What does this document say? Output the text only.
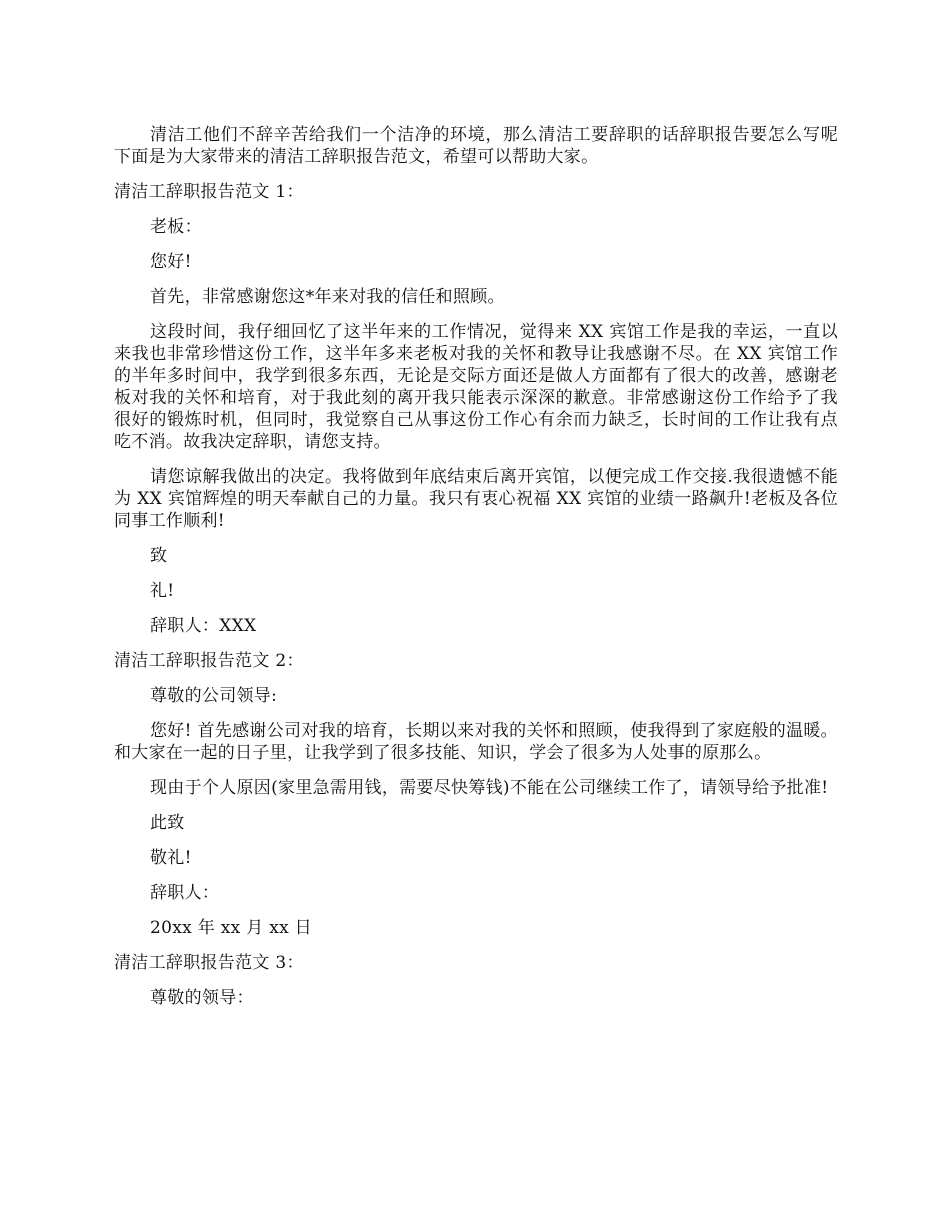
清洁工他们不辞辛苦给我们一个洁净的环境，那么清洁工要辞职的话辞职报告要怎么写呢下面是为大家带来的清洁工辞职报告范文，希望可以帮助大家。

清洁工辞职报告范文 1：

老板：

您好!

首先，非常感谢您这*年来对我的信任和照顾。

这段时间，我仔细回忆了这半年来的工作情况，觉得来 XX 宾馆工作是我的幸运，一直以来我也非常珍惜这份工作，这半年多来老板对我的关怀和教导让我感谢不尽。在 XX 宾馆工作的半年多时间中，我学到很多东西，无论是交际方面还是做人方面都有了很大的改善，感谢老板对我的关怀和培育，对于我此刻的离开我只能表示深深的歉意。非常感谢这份工作给予了我很好的锻炼时机，但同时，我觉察自己从事这份工作心有余而力缺乏，长时间的工作让我有点吃不消。故我决定辞职，请您支持。

请您谅解我做出的决定。我将做到年底结束后离开宾馆，以便完成工作交接.我很遗憾不能为 XX 宾馆辉煌的明天奉献自己的力量。我只有衷心祝福 XX 宾馆的业绩一路飙升!老板及各位同事工作顺利!

致

礼!

辞职人：XXX

清洁工辞职报告范文 2：

尊敬的公司领导:

您好! 首先感谢公司对我的培育，长期以来对我的关怀和照顾，使我得到了家庭般的温暖。和大家在一起的日子里，让我学到了很多技能、知识，学会了很多为人处事的原那么。

现由于个人原因(家里急需用钱，需要尽快筹钱)不能在公司继续工作了，请领导给予批准!

此致

敬礼!

辞职人：

20xx 年 xx 月 xx 日

清洁工辞职报告范文 3：

尊敬的领导：
